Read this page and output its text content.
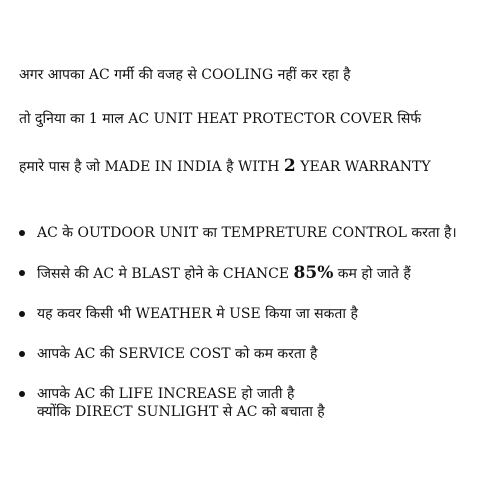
अगर आपका AC गर्मी की वजह से COOLING नहीं कर रहा है
तो दुनिया का 1 माल AC UNIT HEAT PROTECTOR COVER सिर्फ
हमारे पास है जो MADE IN INDIA है WITH 2 YEAR WARRANTY
AC के OUTDOOR UNIT का TEMPRETURE CONTROL करता है।
जिससे की AC मे BLAST होने के CHANCE 85% कम हो जाते हैं
यह कवर किसी भी WEATHER मे USE किया जा सकता है
आपके AC की SERVICE COST को कम करता है
आपके AC की LIFE INCREASE हो जाती है
क्योंकि DIRECT SUNLIGHT से AC को बचाता है
